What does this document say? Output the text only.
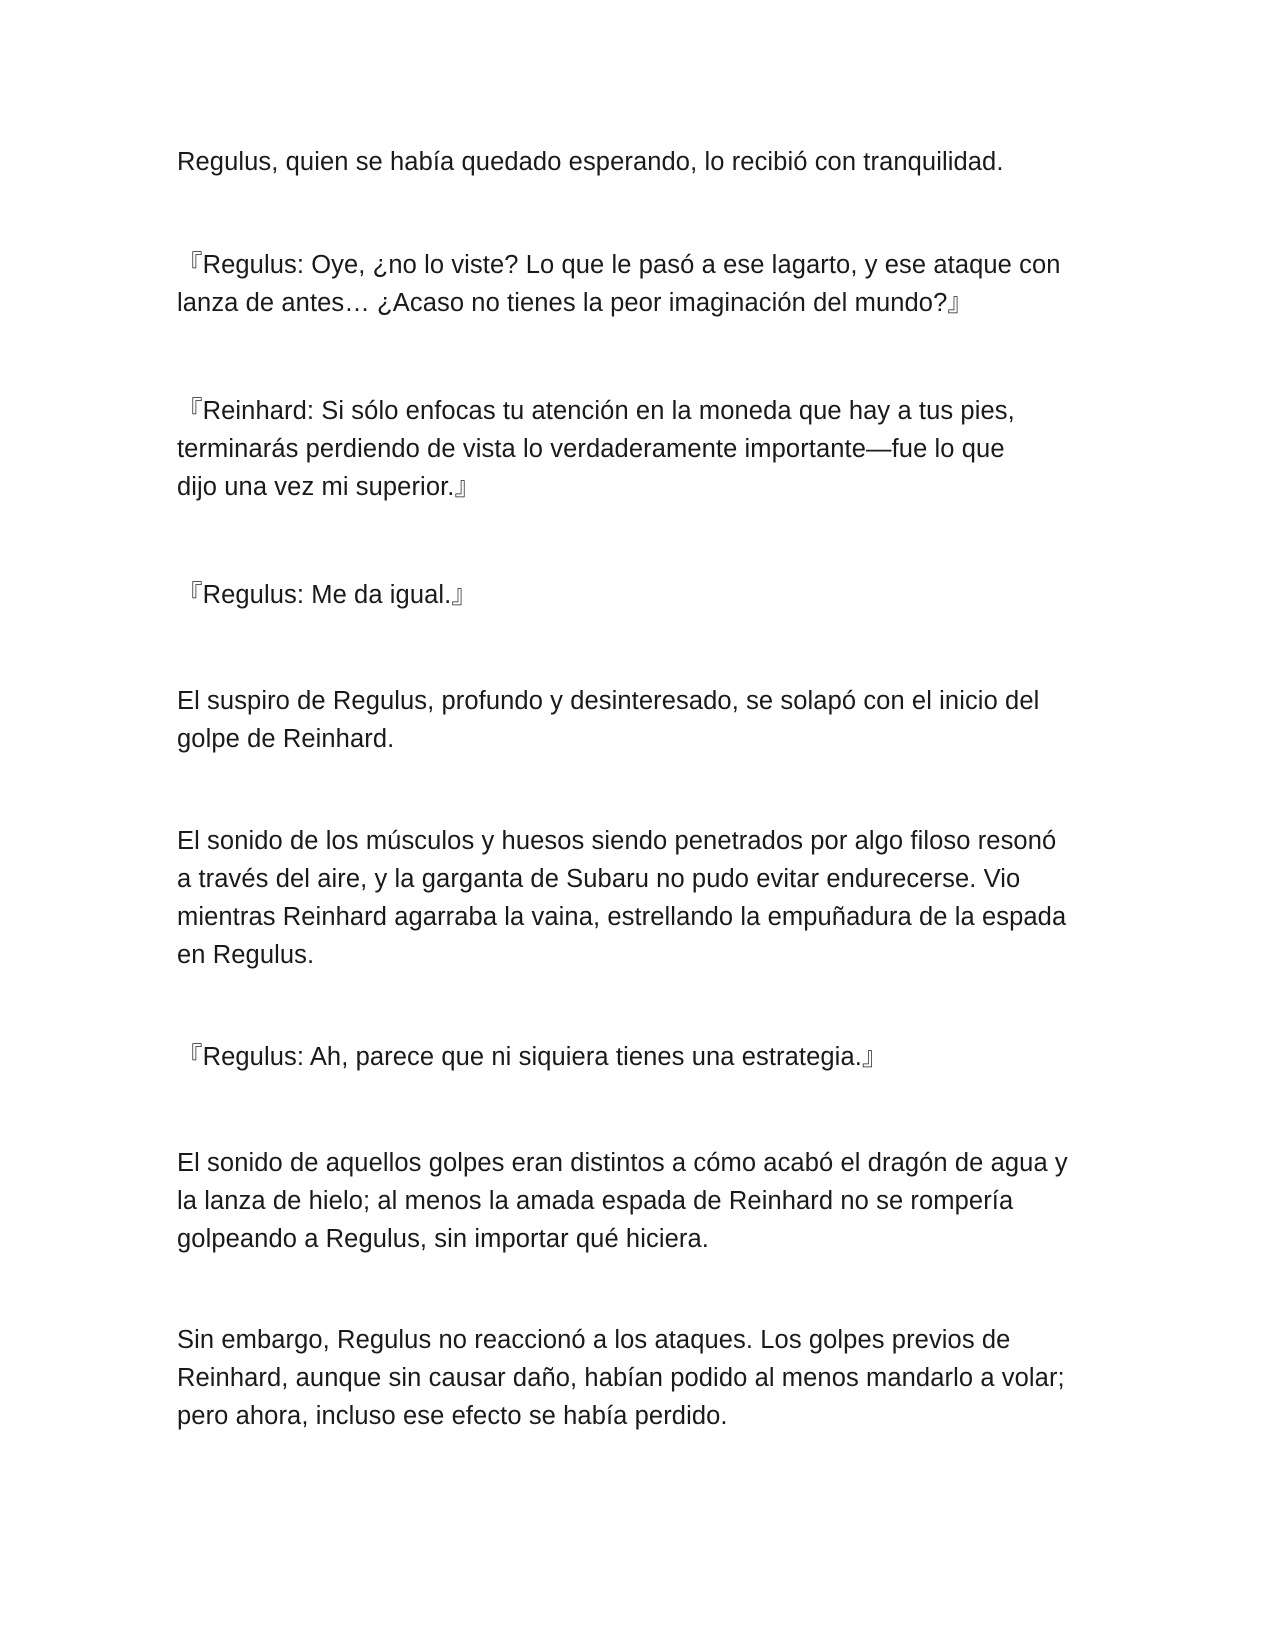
Regulus, quien se había quedado esperando, lo recibió con tranquilidad.

『Regulus: Oye, ¿no lo viste? Lo que le pasó a ese lagarto, y ese ataque con
lanza de antes… ¿Acaso no tienes la peor imaginación del mundo?』

『Reinhard: Si sólo enfocas tu atención en la moneda que hay a tus pies,
terminarás perdiendo de vista lo verdaderamente importante—fue lo que
dijo una vez mi superior.』

『Regulus: Me da igual.』

El suspiro de Regulus, profundo y desinteresado, se solapó con el inicio del
golpe de Reinhard.

El sonido de los músculos y huesos siendo penetrados por algo filoso resonó
a través del aire, y la garganta de Subaru no pudo evitar endurecerse. Vio
mientras Reinhard agarraba la vaina, estrellando la empuñadura de la espada
en Regulus.

『Regulus: Ah, parece que ni siquiera tienes una estrategia.』

El sonido de aquellos golpes eran distintos a cómo acabó el dragón de agua y
la lanza de hielo; al menos la amada espada de Reinhard no se rompería
golpeando a Regulus, sin importar qué hiciera.

Sin embargo, Regulus no reaccionó a los ataques. Los golpes previos de
Reinhard, aunque sin causar daño, habían podido al menos mandarlo a volar;
pero ahora, incluso ese efecto se había perdido.
